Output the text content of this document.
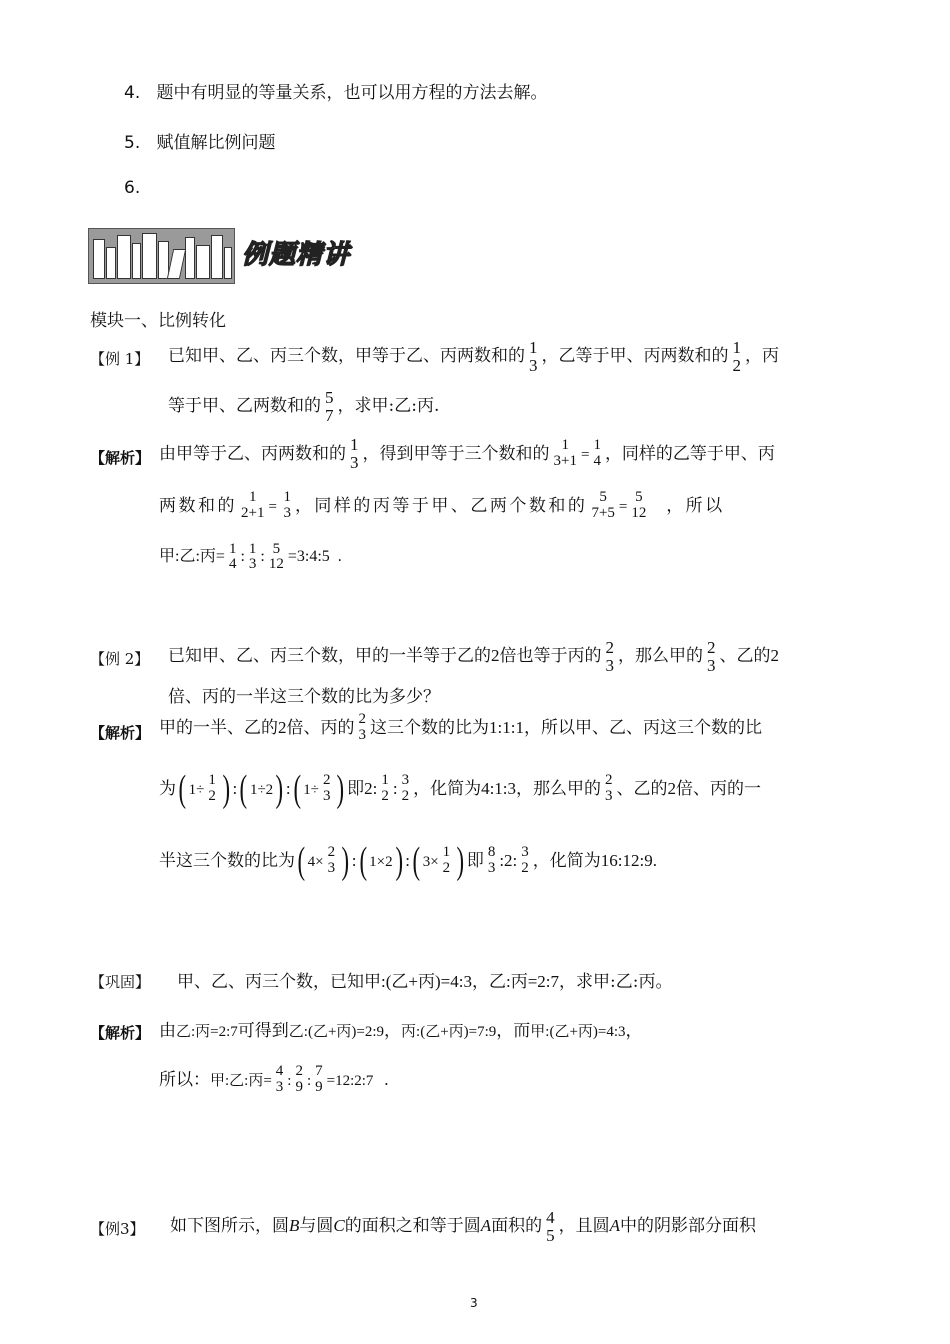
4. 题中有明显的等量关系，也可以用方程的方法去解。
5. 赋值解比例问题
6.
例题精讲
模块一、比例转化
【例 1】 已知甲、乙、丙三个数，甲等于乙、丙两数和的 1
3 ，乙等于甲、丙两数和的 1
2 ，丙
等于甲、乙两数和的 5
7 ，求甲:乙:丙.
【解析】 由甲等于乙、丙两数和的 1
3 ，得到甲等于三个数和的 1
3+1 =
1
4 ，同样的乙等于甲、丙
两数和的 1
2+1 =
1
3 ，同样的丙等于甲、乙两个数和的 5
7+5 =
5
12 ，所以
甲:乙:丙= 1
4 : 1
3 : 5
12 =3:4:5 .
【例 2】 已知甲、乙、丙三个数，甲的一半等于乙的2倍也等于丙的 2
3 ，那么甲的 2
3 、乙的2
倍、丙的一半这三个数的比为多少？
【解析】 甲的一半、乙的2倍、丙的 2
3 这三个数的比为1:1:1，所以甲、乙、丙这三个数的比
为( 1÷
1
2 ) :( 1÷2) :( 1÷
2
3 ) 即2: 1
2 : 3
2 ，化简为4:1:3，那么甲的 2
3 、乙的2倍、丙的一
半这三个数的比为( 4×
2
3 ) :( 1×2) :( 3×
1
2 ) 即 8
3 :2: 3
2 ，化简为16:12:9.
【巩固】 甲、乙、丙三个数，已知甲:(乙+丙)=4:3，乙:丙=2:7，求甲:乙:丙。
【解析】 由乙:丙=2:7可得到乙:(乙+丙)=2:9，丙:(乙+丙)=7:9，而甲:(乙+丙)=4:3，
所以：甲:乙:丙=
4
3 :
2
9 :
7
9 =12:2:7 .
【例3】 如下图所示，圆B与圆C的面积之和等于圆A面积的 4
5 ，且圆A中的阴影部分面积
3
